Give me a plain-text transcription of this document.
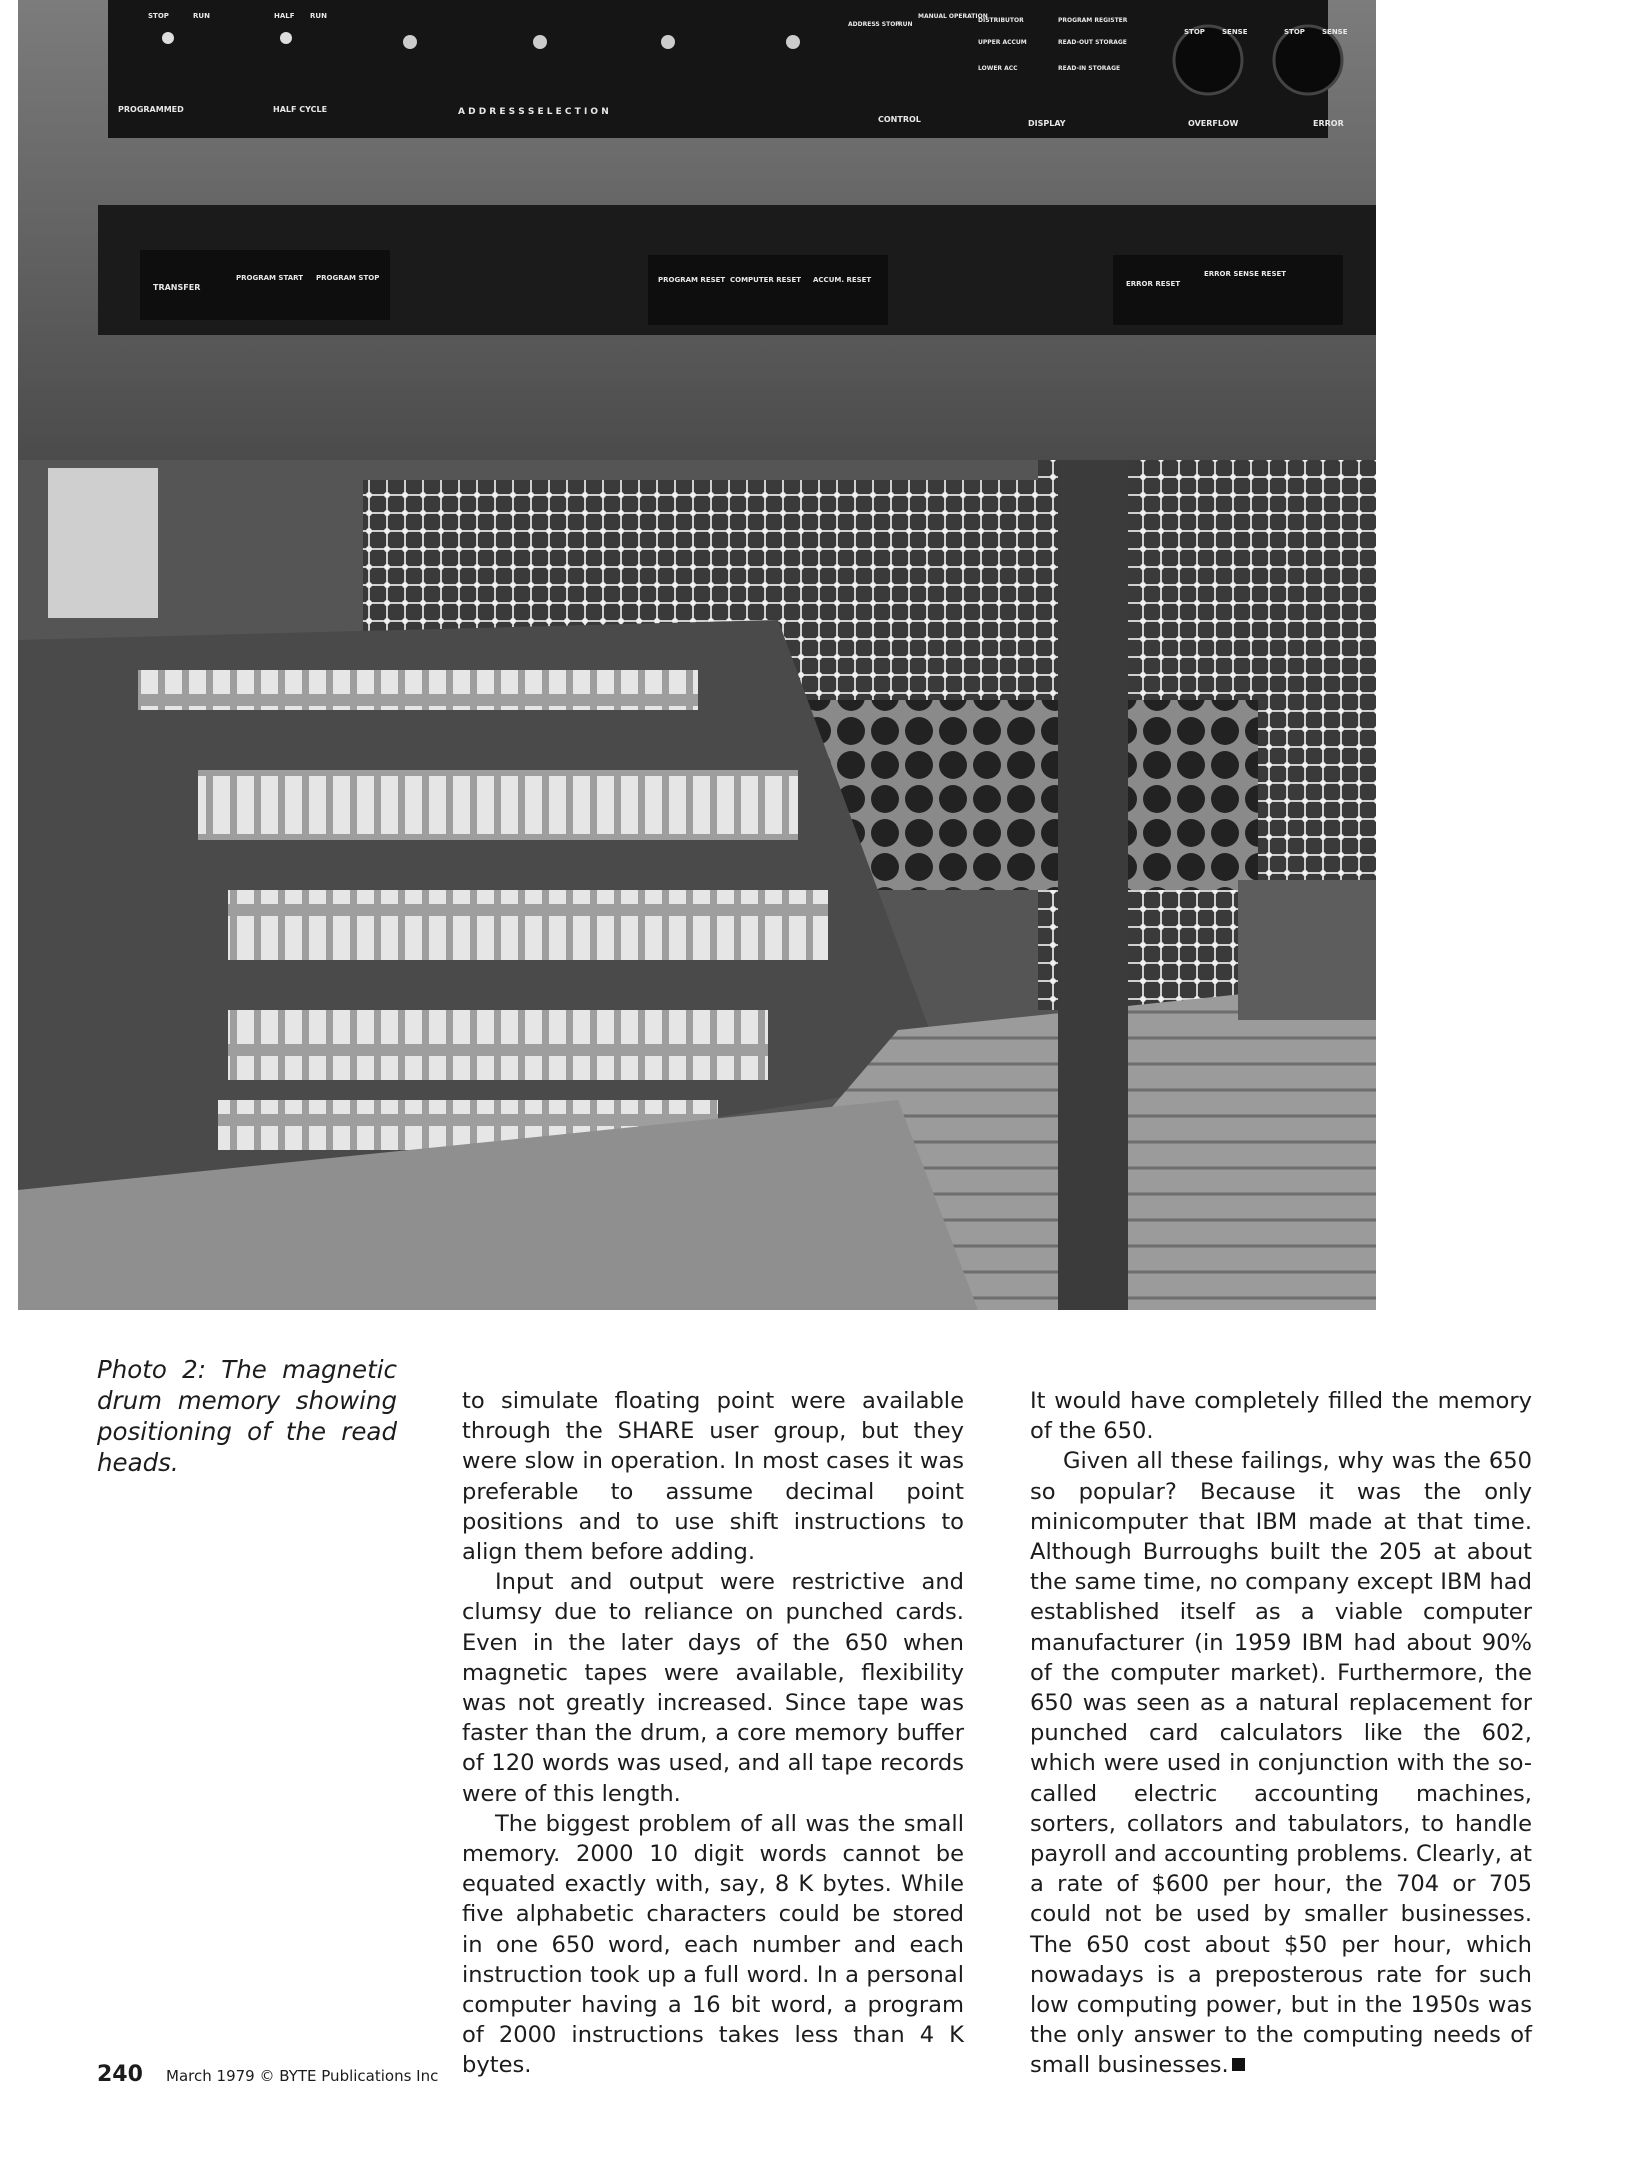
STOP	RUN	HALF RUN
ADDRESS STOP
RUN
MANUAL OPERATION
DISTRIBUTOR	PROGRAM REGISTER
UPPER ACCUM	READ-OUT STORAGE
LOWER ACC	READ-IN STORAGE
STOP SENSE	STOP SENSE
PROGRAMMED	HALF CYCLE	A D D R E S S S E L E C T I O N
CONTROL	DISPLAY	OVERFLOW	ERROR
TRANSFER
PROGRAM START PROGRAM STOP	PROGRAM RESET COMPUTER RESET ACCUM. RESET	ERROR RESET
ERROR SENSE RESET
Photo 2: The magnetic drum memory showing positioning of the read heads.

to simulate floating point were available through the SHARE user group, but they were slow in operation. In most cases it was preferable to assume decimal point positions and to use shift instructions to align them before adding.

Input and output were restrictive and clumsy due to reliance on punched cards. Even in the later days of the 650 when magnetic tapes were available, flexibility was not greatly increased. Since tape was faster than the drum, a core memory buffer of 120 words was used, and all tape records were of this length.

The biggest problem of all was the small memory. 2000 10 digit words cannot be equated exactly with, say, 8 K bytes. While five alphabetic characters could be stored in one 650 word, each number and each instruction took up a full word. In a personal computer having a 16 bit word, a program of 2000 instructions takes less than 4 K bytes.

It would have completely filled the memory of the 650.

Given all these failings, why was the 650 so popular? Because it was the only minicomputer that IBM made at that time. Although Burroughs built the 205 at about the same time, no company except IBM had established itself as a viable computer manufacturer (in 1959 IBM had about 90% of the computer market). Furthermore, the 650 was seen as a natural replacement for punched card calculators like the 602, which were used in conjunction with the so-called electric accounting machines, sorters, collators and tabulators, to handle payroll and accounting problems. Clearly, at a rate of $600 per hour, the 704 or 705 could not be used by smaller businesses. The 650 cost about $50 per hour, which nowadays is a preposterous rate for such low computing power, but in the 1950s was the only answer to the computing needs of small businesses.

240 March 1979 © BYTE Publications Inc
